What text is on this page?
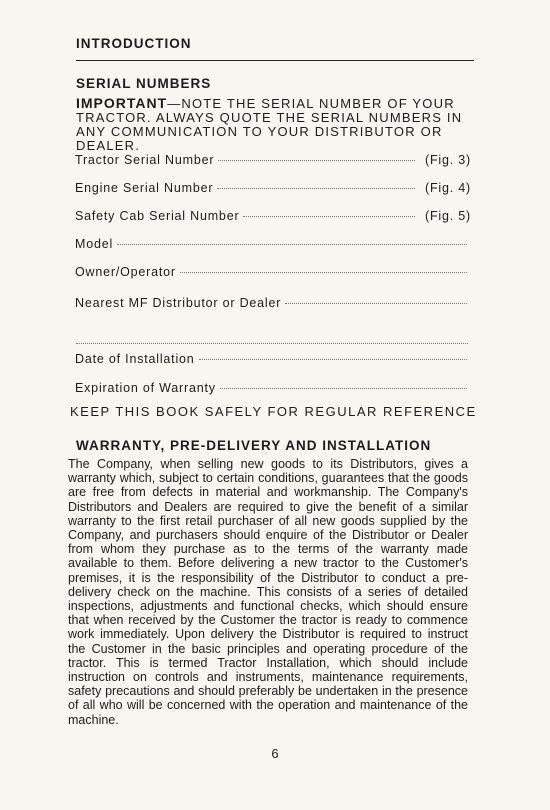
INTRODUCTION
SERIAL NUMBERS
IMPORTANT—NOTE THE SERIAL NUMBER OF YOUR TRACTOR. ALWAYS QUOTE THE SERIAL NUMBERS IN ANY COMMUNICATION TO YOUR DISTRIBUTOR OR DEALER.
Tractor Serial Number	(Fig. 3)
Engine Serial Number	(Fig. 4)
Safety Cab Serial Number	(Fig. 5)
Model
Owner/Operator
Nearest MF Distributor or Dealer
Date of Installation
Expiration of Warranty
KEEP THIS BOOK SAFELY FOR REGULAR REFERENCE
WARRANTY, PRE-DELIVERY AND INSTALLATION
The Company, when selling new goods to its Distributors, gives a warranty which, subject to certain conditions, guarantees that the goods are free from defects in material and workmanship. The Company's Distributors and Dealers are required to give the benefit of a similar warranty to the first retail purchaser of all new goods supplied by the Company, and purchasers should enquire of the Distributor or Dealer from whom they purchase as to the terms of the warranty made available to them. Before delivering a new tractor to the Customer's premises, it is the responsibility of the Distributor to conduct a pre-delivery check on the machine. This consists of a series of detailed inspections, adjustments and functional checks, which should ensure that when received by the Customer the tractor is ready to commence work immediately. Upon delivery the Distributor is required to instruct the Customer in the basic principles and operating procedure of the tractor. This is termed Tractor Installation, which should include instruction on controls and instruments, maintenance requirements, safety precautions and should preferably be undertaken in the presence of all who will be concerned with the operation and maintenance of the machine.
6
